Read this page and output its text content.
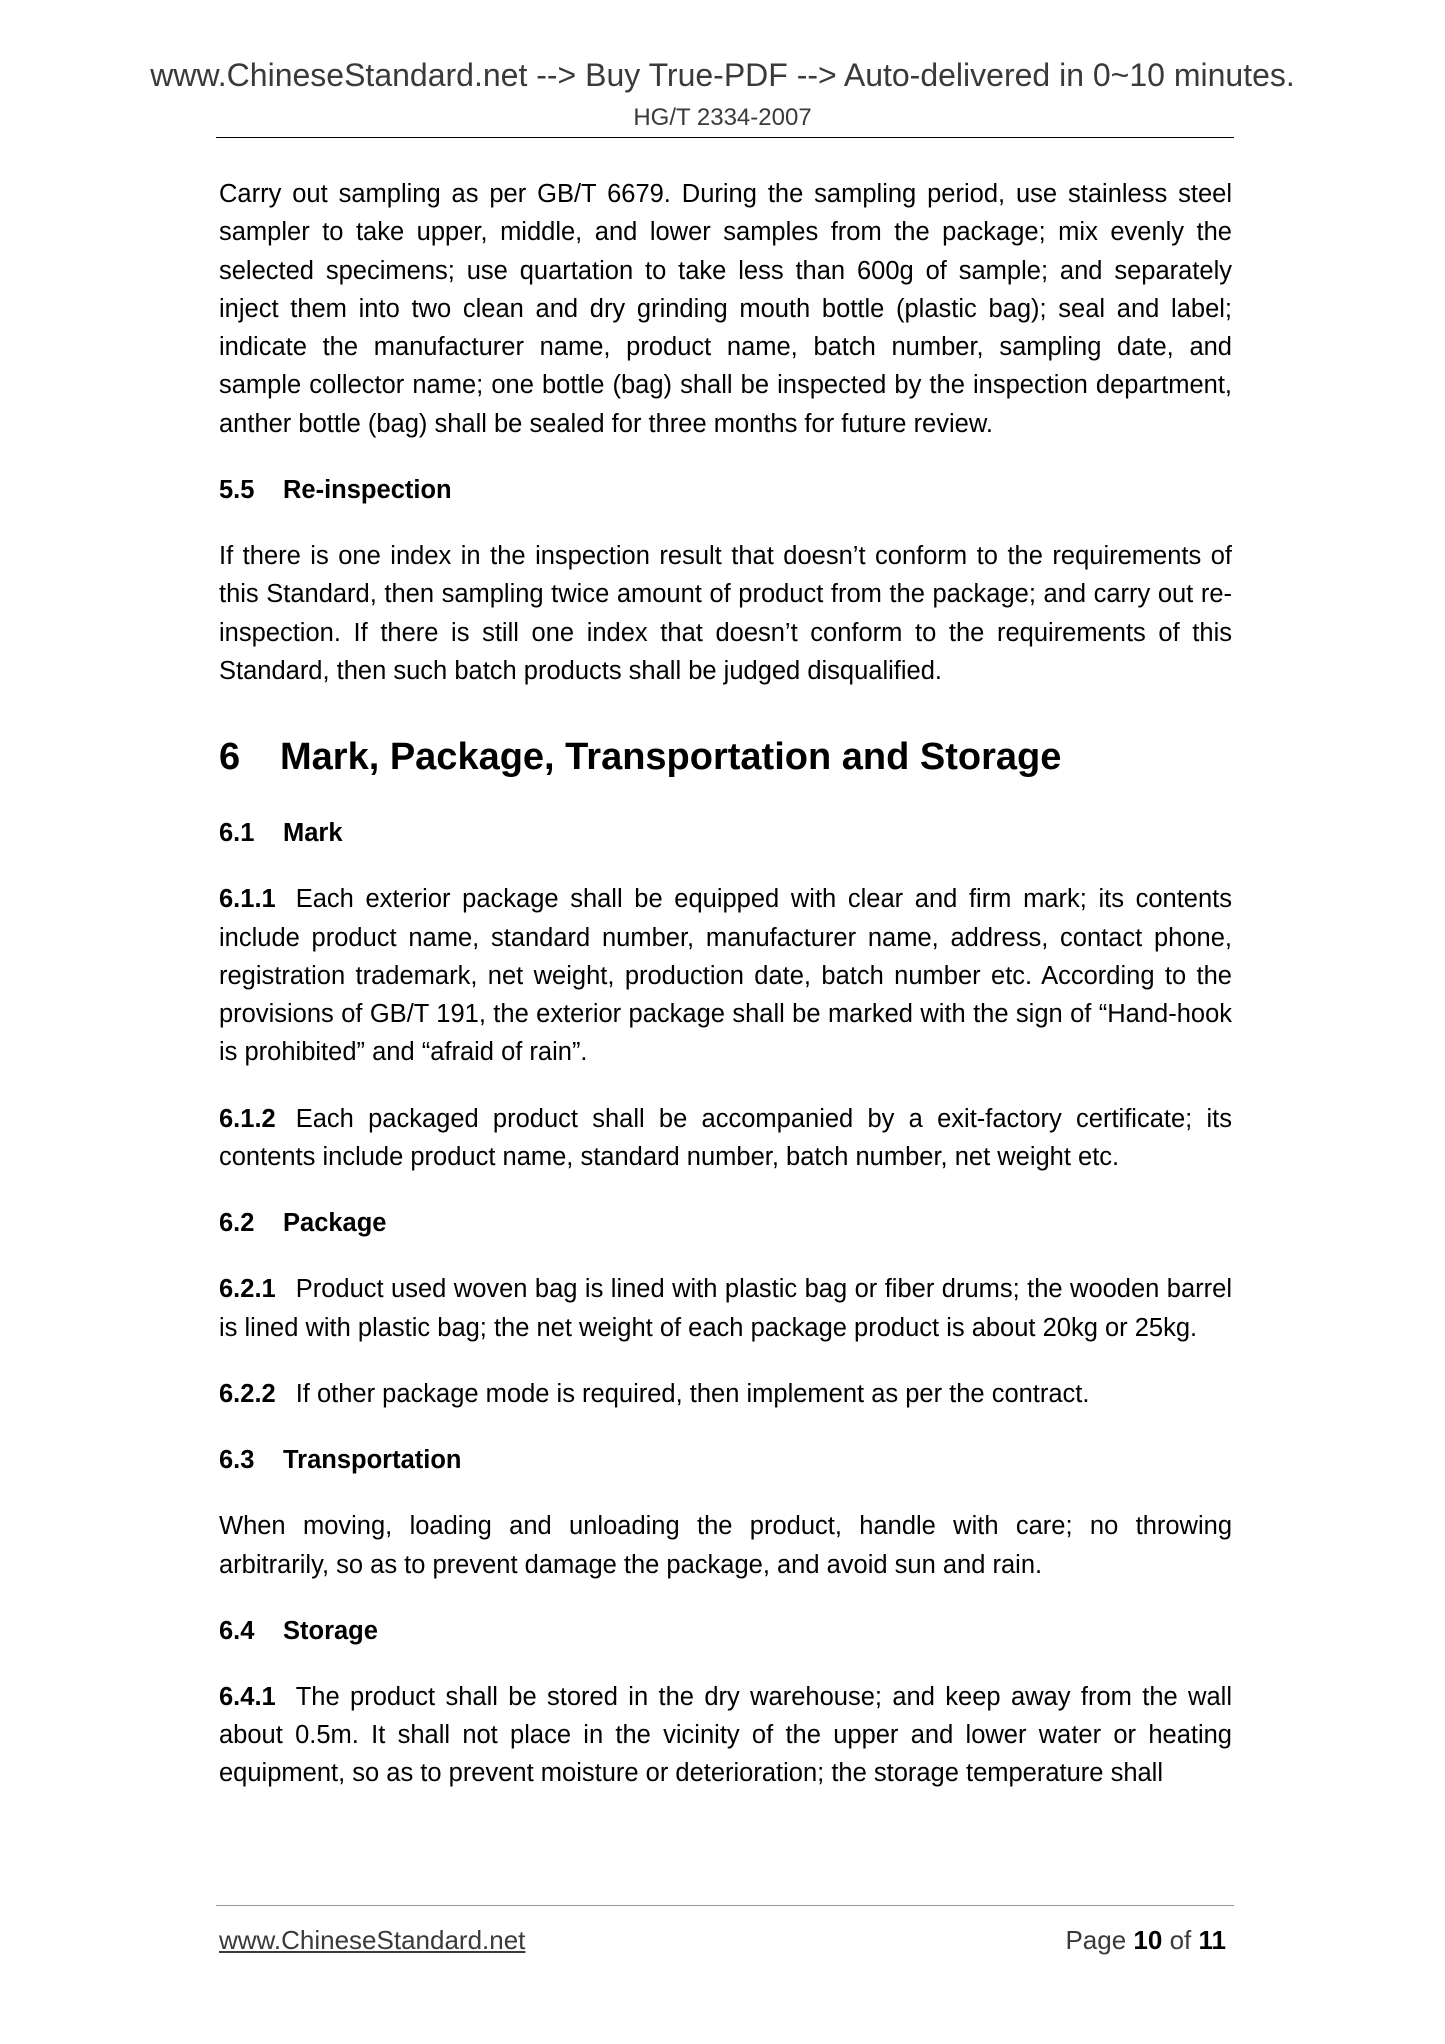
www.ChineseStandard.net --> Buy True-PDF --> Auto-delivered in 0~10 minutes.
HG/T 2334-2007

Carry out sampling as per GB/T 6679. During the sampling period, use stainless steel sampler to take upper, middle, and lower samples from the package; mix evenly the selected specimens; use quartation to take less than 600g of sample; and separately inject them into two clean and dry grinding mouth bottle (plastic bag); seal and label; indicate the manufacturer name, product name, batch number, sampling date, and sample collector name; one bottle (bag) shall be inspected by the inspection department, anther bottle (bag) shall be sealed for three months for future review.

5.5 Re-inspection

If there is one index in the inspection result that doesn’t conform to the requirements of this Standard, then sampling twice amount of product from the package; and carry out re-inspection. If there is still one index that doesn’t conform to the requirements of this Standard, then such batch products shall be judged disqualified.

6 Mark, Package, Transportation and Storage
6.1 Mark

6.1.1 Each exterior package shall be equipped with clear and firm mark; its contents include product name, standard number, manufacturer name, address, contact phone, registration trademark, net weight, production date, batch number etc. According to the provisions of GB/T 191, the exterior package shall be marked with the sign of “Hand-hook is prohibited” and “afraid of rain”.

6.1.2 Each packaged product shall be accompanied by a exit-factory certificate; its contents include product name, standard number, batch number, net weight etc.

6.2 Package

6.2.1 Product used woven bag is lined with plastic bag or fiber drums; the wooden barrel is lined with plastic bag; the net weight of each package product is about 20kg or 25kg.

6.2.2 If other package mode is required, then implement as per the contract.

6.3 Transportation

When moving, loading and unloading the product, handle with care; no throwing arbitrarily, so as to prevent damage the package, and avoid sun and rain.

6.4 Storage

6.4.1 The product shall be stored in the dry warehouse; and keep away from the wall about 0.5m. It shall not place in the vicinity of the upper and lower water or heating equipment, so as to prevent moisture or deterioration; the storage temperature shall

www.ChineseStandard.net	Page 10 of 11
